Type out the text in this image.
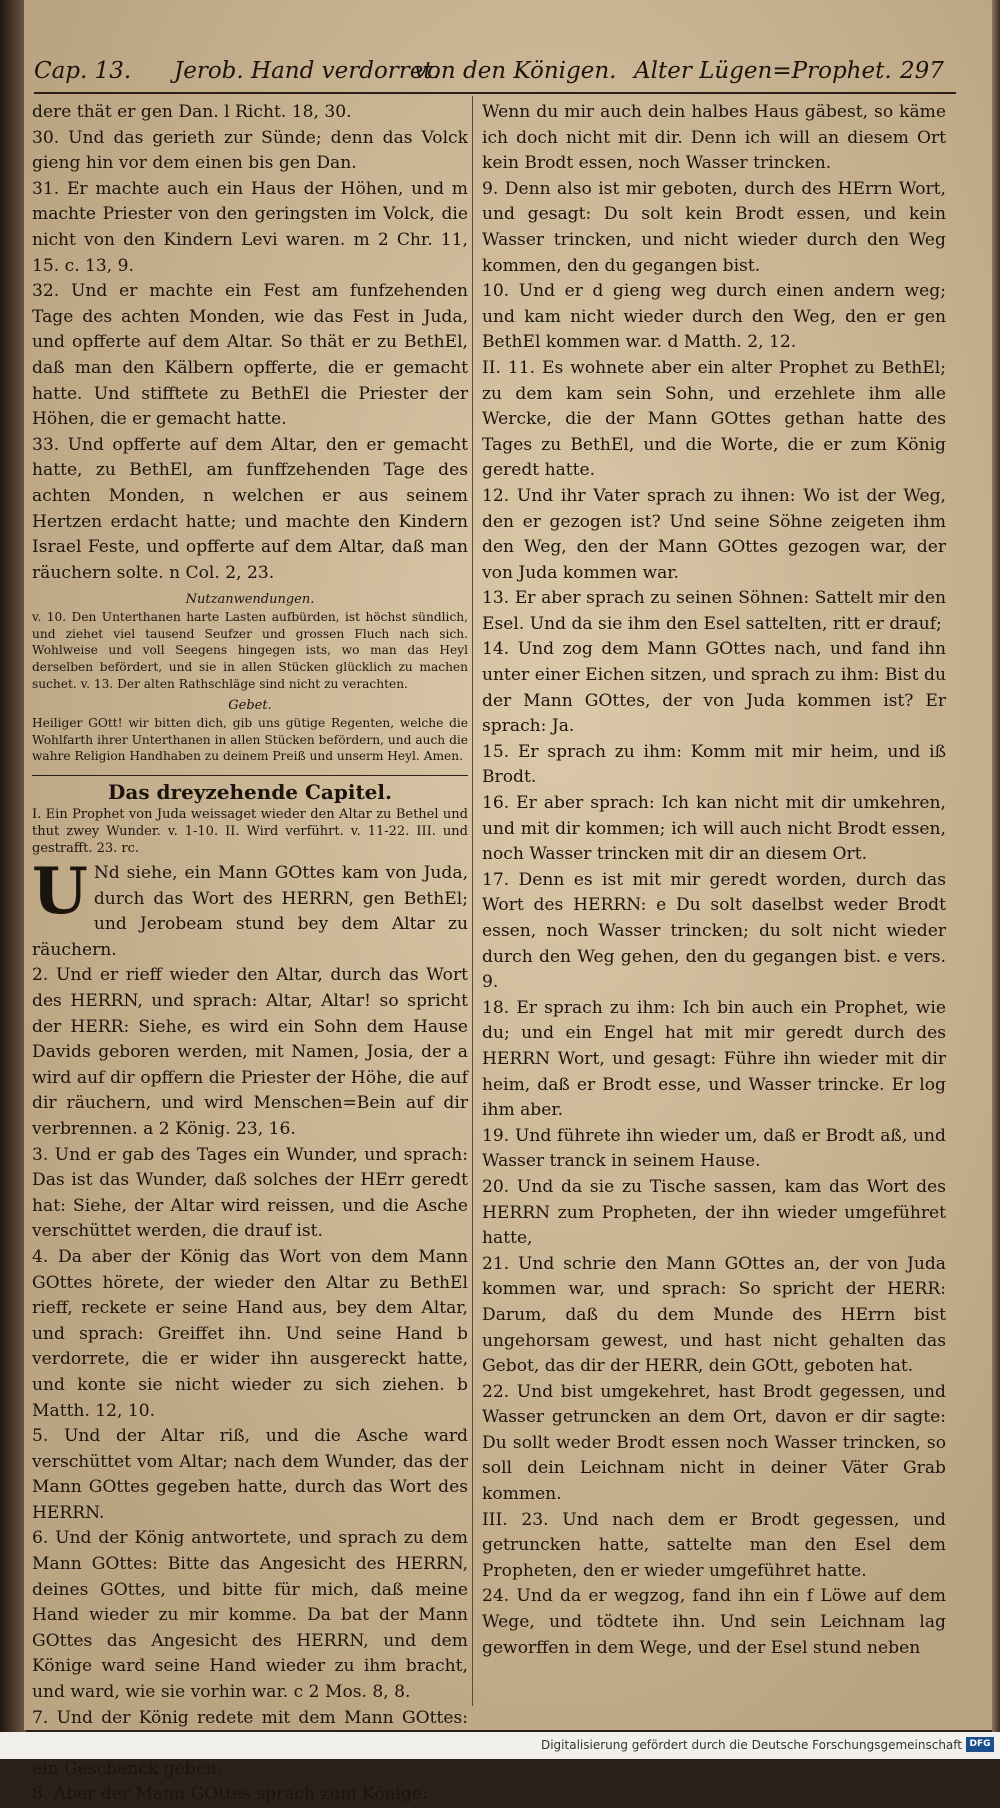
Cap. 13. Jerob. Hand verdorret.
von den Königen. Alter Lügen=Prophet. 297

dere thät er gen Dan. l Richt. 18, 30.

30. Und das gerieth zur Sünde; denn das Volck gieng hin vor dem einen bis gen Dan.

31. Er machte auch ein Haus der Höhen, und m machte Priester von den geringsten im Volck, die nicht von den Kindern Levi waren. m 2 Chr. 11, 15. c. 13, 9.

32. Und er machte ein Fest am funfzehenden Tage des achten Monden, wie das Fest in Juda, und opfferte auf dem Altar. So thät er zu BethEl, daß man den Kälbern opfferte, die er gemacht hatte. Und stifftete zu BethEl die Priester der Höhen, die er gemacht hatte.

33. Und opfferte auf dem Altar, den er gemacht hatte, zu BethEl, am funffzehenden Tage des achten Monden, n welchen er aus seinem Hertzen erdacht hatte; und machte den Kindern Israel Feste, und opfferte auf dem Altar, daß man räuchern solte. n Col. 2, 23.

Nutzanwendungen.

v. 10. Den Unterthanen harte Lasten aufbürden, ist höchst sündlich, und ziehet viel tausend Seufzer und grossen Fluch nach sich. Wohlweise und voll Seegens hingegen ists, wo man das Heyl derselben befördert, und sie in allen Stücken glücklich zu machen suchet. v. 13. Der alten Rathschläge sind nicht zu verachten.

Gebet.

Heiliger GOtt! wir bitten dich, gib uns gütige Regenten, welche die Wohlfarth ihrer Unterthanen in allen Stücken befördern, und auch die wahre Religion Handhaben zu deinem Preiß und unserm Heyl. Amen.

Das dreyzehende Capitel.

I. Ein Prophet von Juda weissaget wieder den Altar zu Bethel und thut zwey Wunder. v. 1-10. II. Wird verführt. v. 11-22. III. und gestrafft. 23. rc.

U Nd siehe, ein Mann GOttes kam von Juda, durch das Wort des HERRN, gen BethEl; und Jerobeam stund bey dem Altar zu räuchern.

2. Und er rieff wieder den Altar, durch das Wort des HERRN, und sprach: Altar, Altar! so spricht der HERR: Siehe, es wird ein Sohn dem Hause Davids geboren werden, mit Namen, Josia, der a wird auf dir opffern die Priester der Höhe, die auf dir räuchern, und wird Menschen=Bein auf dir verbrennen. a 2 König. 23, 16.

3. Und er gab des Tages ein Wunder, und sprach: Das ist das Wunder, daß solches der HErr geredt hat: Siehe, der Altar wird reissen, und die Asche verschüttet werden, die drauf ist.

4. Da aber der König das Wort von dem Mann GOttes hörete, der wieder den Altar zu BethEl rieff, reckete er seine Hand aus, bey dem Altar, und sprach: Greiffet ihn. Und seine Hand b verdorrete, die er wider ihn ausgereckt hatte, und konte sie nicht wieder zu sich ziehen. b Matth. 12, 10.

5. Und der Altar riß, und die Asche ward verschüttet vom Altar; nach dem Wunder, das der Mann GOttes gegeben hatte, durch das Wort des HERRN.

6. Und der König antwortete, und sprach zu dem Mann GOttes: Bitte das Angesicht des HERRN, deines GOttes, und bitte für mich, daß meine Hand wieder zu mir komme. Da bat der Mann GOttes das Angesicht des HERRN, und dem Könige ward seine Hand wieder zu ihm bracht, und ward, wie sie vorhin war. c 2 Mos. 8, 8.

7. Und der König redete mit dem Mann GOttes: ein Geschenck geben.

8. Aber der Mann GOttes sprach zum Könige:

Wenn du mir auch dein halbes Haus gäbest, so käme ich doch nicht mit dir. Denn ich will an diesem Ort kein Brodt essen, noch Wasser trincken.

9. Denn also ist mir geboten, durch des HErrn Wort, und gesagt: Du solt kein Brodt essen, und kein Wasser trincken, und nicht wieder durch den Weg kommen, den du gegangen bist.

10. Und er d gieng weg durch einen andern weg; und kam nicht wieder durch den Weg, den er gen BethEl kommen war. d Matth. 2, 12.

II. 11. Es wohnete aber ein alter Prophet zu BethEl; zu dem kam sein Sohn, und erzehlete ihm alle Wercke, die der Mann GOttes gethan hatte des Tages zu BethEl, und die Worte, die er zum König geredt hatte.

12. Und ihr Vater sprach zu ihnen: Wo ist der Weg, den er gezogen ist? Und seine Söhne zeigeten ihm den Weg, den der Mann GOttes gezogen war, der von Juda kommen war.

13. Er aber sprach zu seinen Söhnen: Sattelt mir den Esel. Und da sie ihm den Esel sattelten, ritt er drauf;

14. Und zog dem Mann GOttes nach, und fand ihn unter einer Eichen sitzen, und sprach zu ihm: Bist du der Mann GOttes, der von Juda kommen ist? Er sprach: Ja.

15. Er sprach zu ihm: Komm mit mir heim, und iß Brodt.

16. Er aber sprach: Ich kan nicht mit dir umkehren, und mit dir kommen; ich will auch nicht Brodt essen, noch Wasser trincken mit dir an diesem Ort.

17. Denn es ist mit mir geredt worden, durch das Wort des HERRN: e Du solt daselbst weder Brodt essen, noch Wasser trincken; du solt nicht wieder durch den Weg gehen, den du gegangen bist. e vers. 9.

18. Er sprach zu ihm: Ich bin auch ein Prophet, wie du; und ein Engel hat mit mir geredt durch des HERRN Wort, und gesagt: Führe ihn wieder mit dir heim, daß er Brodt esse, und Wasser trincke. Er log ihm aber.

19. Und führete ihn wieder um, daß er Brodt aß, und Wasser tranck in seinem Hause.

20. Und da sie zu Tische sassen, kam das Wort des HERRN zum Propheten, der ihn wieder umgeführet hatte,

21. Und schrie den Mann GOttes an, der von Juda kommen war, und sprach: So spricht der HERR: Darum, daß du dem Munde des HErrn bist ungehorsam gewest, und hast nicht gehalten das Gebot, das dir der HERR, dein GOtt, geboten hat.

22. Und bist umgekehret, hast Brodt gegessen, und Wasser getruncken an dem Ort, davon er dir sagte: Du sollt weder Brodt essen noch Wasser trincken, so soll dein Leichnam nicht in deiner Väter Grab kommen.

III. 23. Und nach dem er Brodt gegessen, und getruncken hatte, sattelte man den Esel dem Propheten, den er wieder umgeführet hatte.

24. Und da er wegzog, fand ihn ein f Löwe auf dem Wege, und tödtete ihn. Und sein Leichnam lag geworffen in dem Wege, und der Esel stund neben

Digitalisierung gefördert durch die Deutsche Forschungsgemeinschaft DFG
